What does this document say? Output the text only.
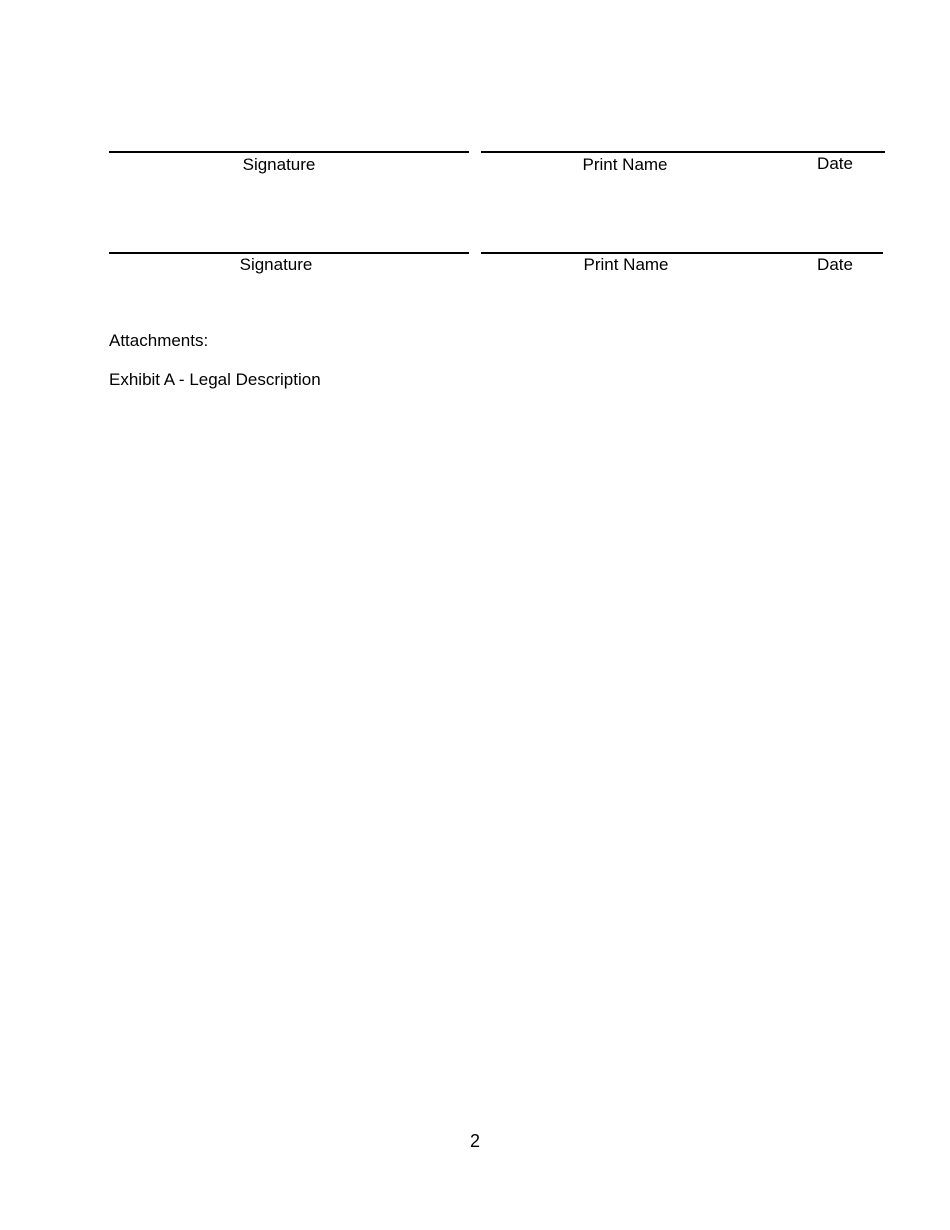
Signature	Print Name	Date
Signature	Print Name	Date
Attachments:
Exhibit A - Legal Description
2
